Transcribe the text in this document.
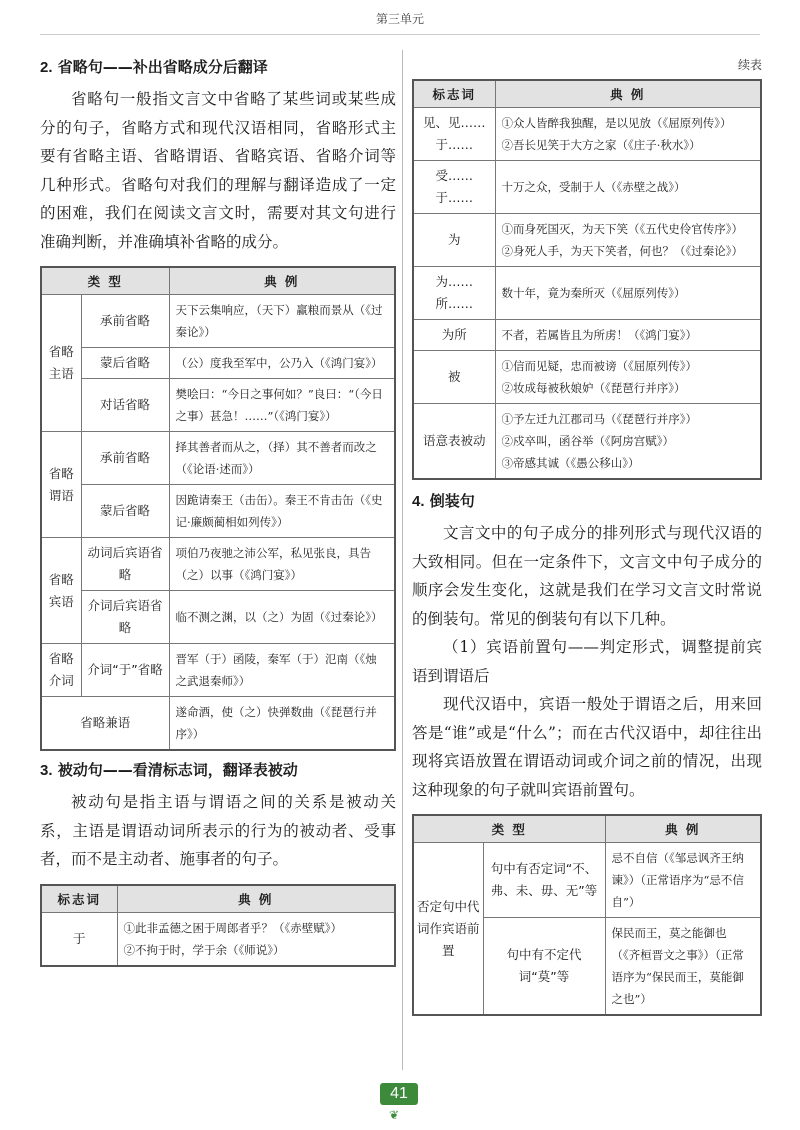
第三单元
2. 省略句——补出省略成分后翻译

省略句一般指文言文中省略了某些词或某些成分的句子，省略方式和现代汉语相同，省略形式主要有省略主语、省略谓语、省略宾语、省略介词等几种形式。省略句对我们的理解与翻译造成了一定的困难，我们在阅读文言文时，需要对其文句进行准确判断，并准确填补省略的成分。

类 型		典 例
省略主语	承前省略	天下云集响应，（天下）赢粮而景从（《过秦论》）
	蒙后省略	（公）度我至军中，公乃入（《鸿门宴》）
	对话省略	樊哙曰：“今日之事何如？”良曰：“（今日之事）甚急！……”（《鸿门宴》）
省略谓语	承前省略	择其善者而从之，（择）其不善者而改之（《论语·述而》）
	蒙后省略	因跪请秦王（击缶）。秦王不肯击缶（《史记·廉颇蔺相如列传》）
省略宾语	动词后宾语省略	项伯乃夜驰之沛公军，私见张良，具告（之）以事（《鸿门宴》）
	介词后宾语省略	临不测之渊，以（之）为固（《过秦论》）
省略介词	介词“于”省略	晋军（于）函陵，秦军（于）氾南（《烛之武退秦师》）
省略兼语		遂命酒，使（之）快弹数曲（《琵琶行并序》）
3. 被动句——看清标志词，翻译表被动

被动句是指主语与谓语之间的关系是被动关系，主语是谓语动词所表示的行为的被动者、受事者，而不是主动者、施事者的句子。

标志词	典 例
于	①此非孟德之困于周郎者乎？（《赤壁赋》）
②不拘于时，学于余（《师说》）
续表
标志词	典 例
见、见……于……	①众人皆醉我独醒，是以见放（《屈原列传》）
②吾长见笑于大方之家（《庄子·秋水》）

受……于……	十万之众，受制于人（《赤壁之战》）

为	①而身死国灭，为天下笑（《五代史伶官传序》）
②身死人手，为天下笑者，何也？（《过秦论》）

为……所……	数十年，竟为秦所灭（《屈原列传》）

为所	不者，若属皆且为所虏！（《鸿门宴》）

被	①信而见疑，忠而被谤（《屈原列传》）
②妆成每被秋娘妒（《琵琶行并序》）

语意表被动	①予左迁九江郡司马（《琵琶行并序》）
②戍卒叫，函谷举（《阿房宫赋》）
③帝感其诚（《愚公移山》）
4. 倒装句

文言文中的句子成分的排列形式与现代汉语的大致相同。但在一定条件下，文言文中句子成分的顺序会发生变化，这就是我们在学习文言文时常说的倒装句。常见的倒装句有以下几种。

（1）宾语前置句——判定形式，调整提前宾语到谓语后

现代汉语中，宾语一般处于谓语之后，用来回答是“谁”或是“什么”；而在古代汉语中，却往往出现将宾语放置在谓语动词或介词之前的情况，出现这种现象的句子就叫宾语前置句。

类 型		典 例
否定句中代词作宾语前置	句中有否定词“不、弗、未、毋、无”等	忌不自信（《邹忌讽齐王纳谏》）（正常语序为“忌不信自”）
	句中有不定代词“莫”等	保民而王，莫之能御也（《齐桓晋文之事》）（正常语序为“保民而王，莫能御之也”）
41
❦
